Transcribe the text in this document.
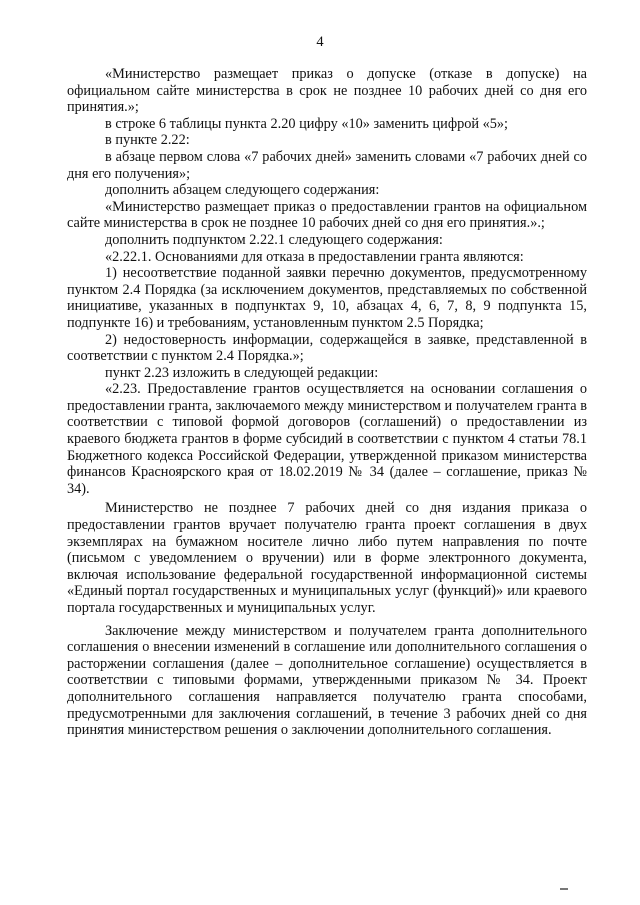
4

«Министерство размещает приказ о допуске (отказе в допуске) на официальном сайте министерства в срок не позднее 10 рабочих дней со дня его принятия.»;

в строке 6 таблицы пункта 2.20 цифру «10» заменить цифрой «5»;

в пункте 2.22:

в абзаце первом слова «7 рабочих дней» заменить словами «7 рабочих дней со дня его получения»;

дополнить абзацем следующего содержания:

«Министерство размещает приказ о предоставлении грантов на официальном сайте министерства в срок не позднее 10 рабочих дней со дня его принятия.».;

дополнить подпунктом 2.22.1 следующего содержания:

«2.22.1. Основаниями для отказа в предоставлении гранта являются:

1) несоответствие поданной заявки перечню документов, предусмотренному пунктом 2.4 Порядка (за исключением документов, представляемых по собственной инициативе, указанных в подпунктах 9, 10, абзацах 4, 6, 7, 8, 9 подпункта 15, подпункте 16) и требованиям, установленным пунктом 2.5 Порядка;

2) недостоверность информации, содержащейся в заявке, представленной в соответствии с пунктом 2.4 Порядка.»;

пункт 2.23 изложить в следующей редакции:

«2.23. Предоставление грантов осуществляется на основании соглашения о предоставлении гранта, заключаемого между министерством и получателем гранта в соответствии с типовой формой договоров (соглашений) о предоставлении из краевого бюджета грантов в форме субсидий в соответствии с пунктом 4 статьи 78.1 Бюджетного кодекса Российской Федерации, утвержденной приказом министерства финансов Красноярского края от 18.02.2019 № 34 (далее – соглашение, приказ № 34).

Министерство не позднее 7 рабочих дней со дня издания приказа о предоставлении грантов вручает получателю гранта проект соглашения в двух экземплярах на бумажном носителе лично либо путем направления по почте (письмом с уведомлением о вручении) или в форме электронного документа, включая использование федеральной государственной информационной системы «Единый портал государственных и муниципальных услуг (функций)» или краевого портала государственных и муниципальных услуг.

Заключение между министерством и получателем гранта дополнительного соглашения о внесении изменений в соглашение или дополнительного соглашения о расторжении соглашения (далее – дополнительное соглашение) осуществляется в соответствии с типовыми формами, утвержденными приказом № 34. Проект дополнительного соглашения направляется получателю гранта способами, предусмотренными для заключения соглашений, в течение 3 рабочих дней со дня принятия министерством решения о заключении дополнительного соглашения.
